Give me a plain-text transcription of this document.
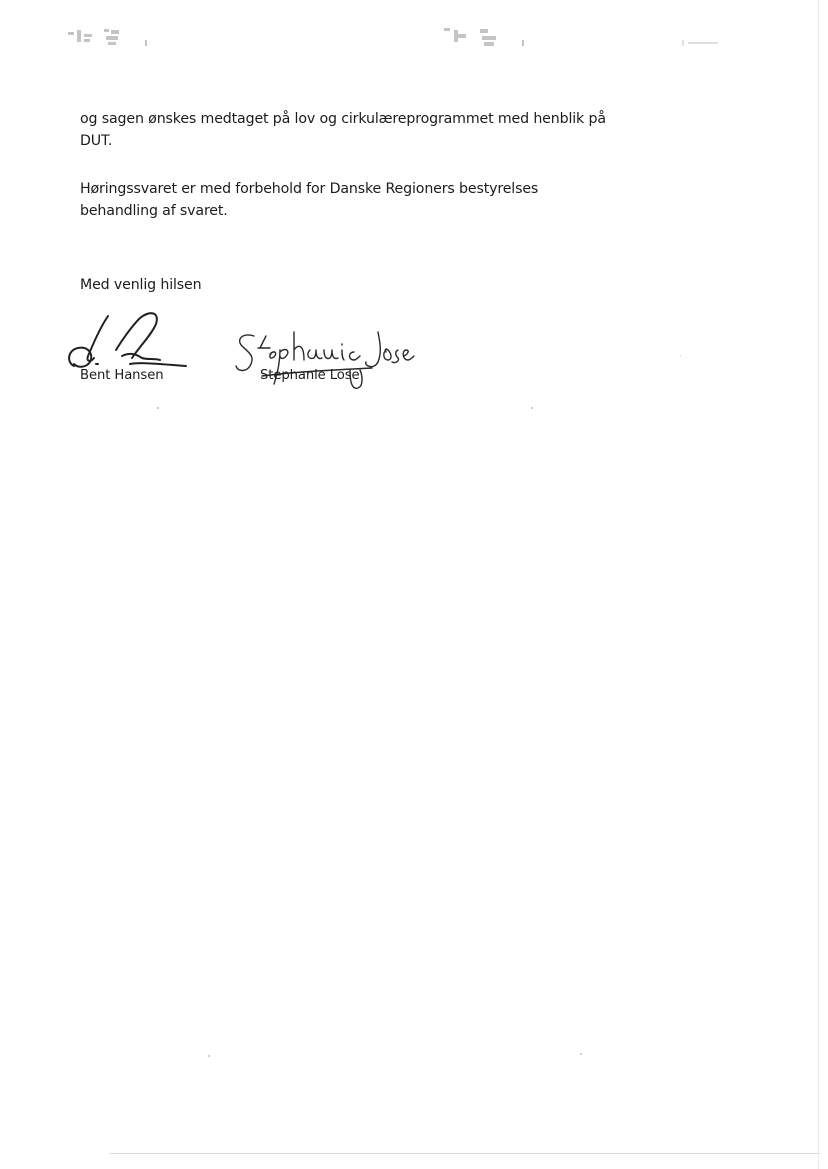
og sagen ønskes medtaget på lov og cirkulæreprogrammet med henblik på DUT.

Høringssvaret er med forbehold for Danske Regioners bestyrelses behandling af svaret.

Med venlig hilsen

Bent Hansen	Stephanie Lose
